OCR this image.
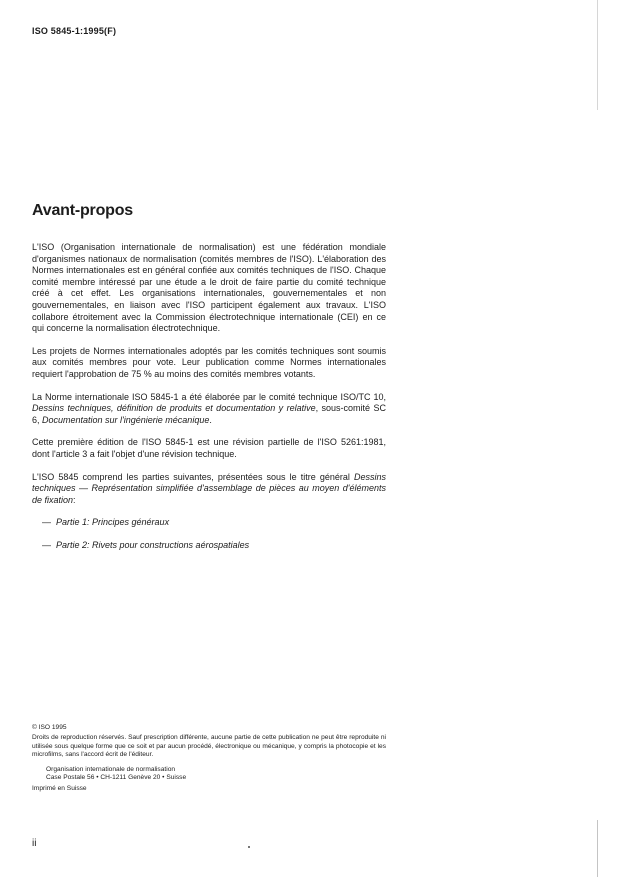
ISO 5845-1:1995(F)
Avant-propos

L'ISO (Organisation internationale de normalisation) est une fédération mondiale d'organismes nationaux de normalisation (comités membres de l'ISO). L'élaboration des Normes internationales est en général confiée aux comités techniques de l'ISO. Chaque comité membre intéressé par une étude a le droit de faire partie du comité technique créé à cet effet. Les organisations internationales, gouvernementales et non gouvernementales, en liaison avec l'ISO participent également aux travaux. L'ISO collabore étroitement avec la Commission électrotechnique internationale (CEI) en ce qui concerne la normalisation électrotechnique.

Les projets de Normes internationales adoptés par les comités techniques sont soumis aux comités membres pour vote. Leur publication comme Normes internationales requiert l'approbation de 75 % au moins des comités membres votants.

La Norme internationale ISO 5845-1 a été élaborée par le comité technique ISO/TC 10, Dessins techniques, définition de produits et documentation y relative, sous-comité SC 6, Documentation sur l'ingénierie mécanique.

Cette première édition de l'ISO 5845-1 est une révision partielle de l'ISO 5261:1981, dont l'article 3 a fait l'objet d'une révision technique.

L'ISO 5845 comprend les parties suivantes, présentées sous le titre général Dessins techniques — Représentation simplifiée d'assemblage de pièces au moyen d'éléments de fixation:

— Partie 1: Principes généraux
— Partie 2: Rivets pour constructions aérospatiales

© ISO 1995

Droits de reproduction réservés. Sauf prescription différente, aucune partie de cette publication ne peut être reproduite ni utilisée sous quelque forme que ce soit et par aucun procédé, électronique ou mécanique, y compris la photocopie et les microfilms, sans l'accord écrit de l'éditeur.

Organisation internationale de normalisation
Case Postale 56 • CH-1211 Genève 20 • Suisse

Imprimé en Suisse

ii
